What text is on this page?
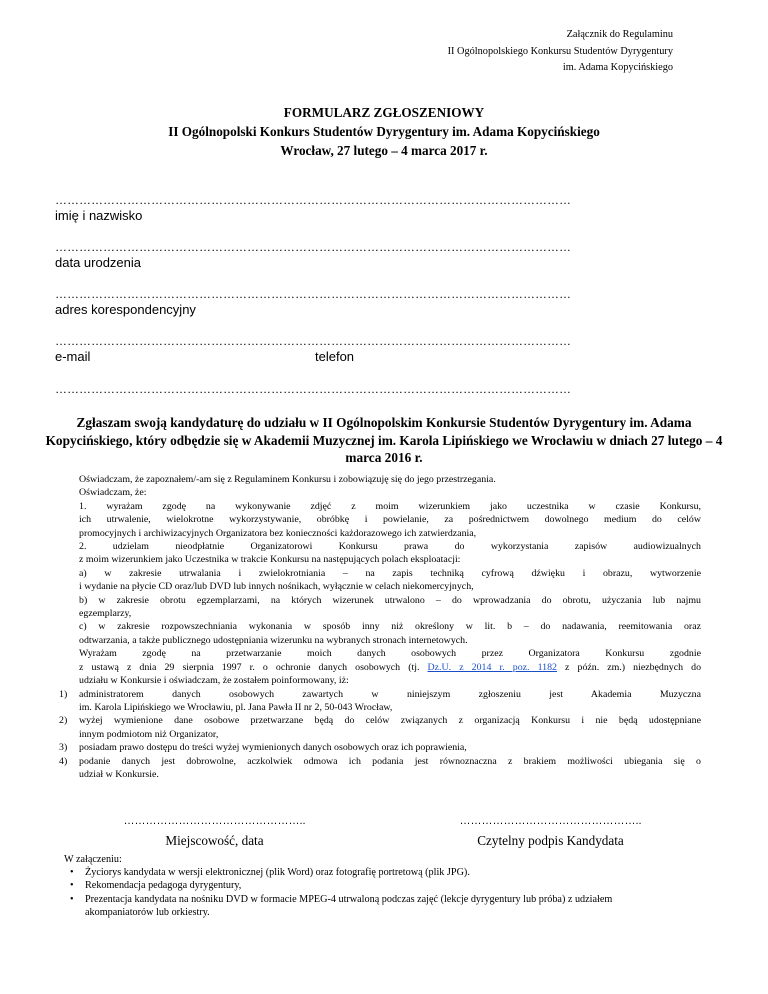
Załącznik do Regulaminu
II Ogólnopolskiego Konkursu Studentów Dyrygentury
im. Adama Kopycińskiego
FORMULARZ ZGŁOSZENIOWY
II Ogólnopolski Konkurs Studentów Dyrygentury im. Adama Kopycińskiego
Wrocław, 27 lutego – 4 marca 2017 r.
…………………………………………………………………………………………………………………
imię i nazwisko
…………………………………………………………………………………………………………………
data urodzenia
…………………………………………………………………………………………………………………
adres korespondencyjny
…………………………………………………………………………………………………………………
e-mail	telefon
…………………………………………………………………………………………………………………
Zgłaszam swoją kandydaturę do udziału w II Ogólnopolskim Konkursie Studentów Dyrygentury im. Adama Kopycińskiego, który odbędzie się w Akademii Muzycznej im. Karola Lipińskiego we Wrocławiu w dniach 27 lutego – 4 marca 2016 r.

Oświadczam, że zapoznałem/-am się z Regulaminem Konkursu i zobowiązuję się do jego przestrzegania.

Oświadczam, że:

1. wyrażam zgodę na wykonywanie zdjęć z moim wizerunkiem jako uczestnika w czasie Konkursu,

ich utrwalenie, wielokrotne wykorzystywanie, obróbkę i powielanie, za pośrednictwem dowolnego medium do celów

promocyjnych i archiwizacyjnych Organizatora bez konieczności każdorazowego ich zatwierdzania,

2. udzielam nieodpłatnie Organizatorowi Konkursu prawa do wykorzystania zapisów audiowizualnych

z moim wizerunkiem jako Uczestnika w trakcie Konkursu na następujących polach eksploatacji:

a) w zakresie utrwalania i zwielokrotniania – na zapis techniką cyfrową dźwięku i obrazu, wytworzenie

i wydanie na płycie CD oraz/lub DVD lub innych nośnikach, wyłącznie w celach niekomercyjnych,

b) w zakresie obrotu egzemplarzami, na których wizerunek utrwalono – do wprowadzania do obrotu, użyczania lub najmu

egzemplarzy,

c) w zakresie rozpowszechniania wykonania w sposób inny niż określony w lit. b – do nadawania, reemitowania oraz

odtwarzania, a także publicznego udostępniania wizerunku na wybranych stronach internetowych.

Wyrażam zgodę na przetwarzanie moich danych osobowych przez Organizatora Konkursu zgodnie

z ustawą z dnia 29 sierpnia 1997 r. o ochronie danych osobowych (tj. Dz.U. z 2014 r. poz. 1182 z późn. zm.) niezbędnych do

udziału w Konkursie i oświadczam, że zostałem poinformowany, iż:

1) administratorem danych osobowych zawartych w niniejszym zgłoszeniu jest Akademia Muzyczna

im. Karola Lipińskiego we Wrocławiu, pl. Jana Pawła II nr 2, 50-043 Wrocław,

2) wyżej wymienione dane osobowe przetwarzane będą do celów związanych z organizacją Konkursu i nie będą udostępniane

innym podmiotom niż Organizator,

3) posiadam prawo dostępu do treści wyżej wymienionych danych osobowych oraz ich poprawienia,

4) podanie danych jest dobrowolne, aczkolwiek odmowa ich podania jest równoznaczna z brakiem możliwości ubiegania się o

udział w Konkursie.

…………………………………………..
Miejscowość, data
…………………………………………..
Czytelny podpis Kandydata
W załączeniu:
• Życiorys kandydata w wersji elektronicznej (plik Word) oraz fotografię portretową (plik JPG).
• Rekomendacja pedagoga dyrygentury,
• Prezentacja kandydata na nośniku DVD w formacie MPEG-4 utrwaloną podczas zajęć (lekcje dyrygentury lub próba) z udziałem
akompaniatorów lub orkiestry.
